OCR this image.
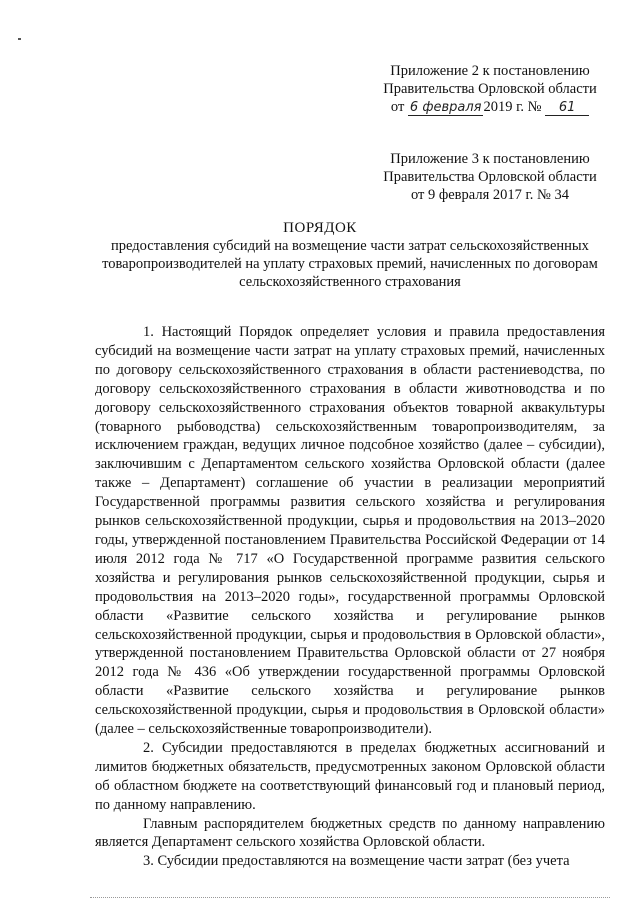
Приложение 2 к постановлению
Правительства Орловской области
от 6 февраля 2019 г. № 61
Приложение 3 к постановлению
Правительства Орловской области
от 9 февраля 2017 г. № 34
ПОРЯДОК
предоставления субсидий на возмещение части затрат сельскохозяйственных товаропроизводителей на уплату страховых премий, начисленных по договорам сельскохозяйственного страхования

1. Настоящий Порядок определяет условия и правила предоставления субсидий на возмещение части затрат на уплату страховых премий, начисленных по договору сельскохозяйственного страхования в области растениеводства, по договору сельскохозяйственного страхования в области животноводства и по договору сельскохозяйственного страхования объектов товарной аквакультуры (товарного рыбоводства) сельскохозяйственным товаропроизводителям, за исключением граждан, ведущих личное подсобное хозяйство (далее – субсидии), заключившим с Департаментом сельского хозяйства Орловской области (далее также – Департамент) соглашение об участии в реализации мероприятий Государственной программы развития сельского хозяйства и регулирования рынков сельскохозяйственной продукции, сырья и продовольствия на 2013–2020 годы, утвержденной постановлением Правительства Российской Федерации от 14 июля 2012 года № 717 «О Государственной программе развития сельского хозяйства и регулирования рынков сельскохозяйственной продукции, сырья и продовольствия на 2013–2020 годы», государственной программы Орловской области «Развитие сельского хозяйства и регулирование рынков сельскохозяйственной продукции, сырья и продовольствия в Орловской области», утвержденной постановлением Правительства Орловской области от 27 ноября 2012 года № 436 «Об утверждении государственной программы Орловской области «Развитие сельского хозяйства и регулирование рынков сельскохозяйственной продукции, сырья и продовольствия в Орловской области» (далее – сельскохозяйственные товаропроизводители).

2. Субсидии предоставляются в пределах бюджетных ассигнований и лимитов бюджетных обязательств, предусмотренных законом Орловской области об областном бюджете на соответствующий финансовый год и плановый период, по данному направлению.

Главным распорядителем бюджетных средств по данному направлению является Департамент сельского хозяйства Орловской области.

3. Субсидии предоставляются на возмещение части затрат (без учета
